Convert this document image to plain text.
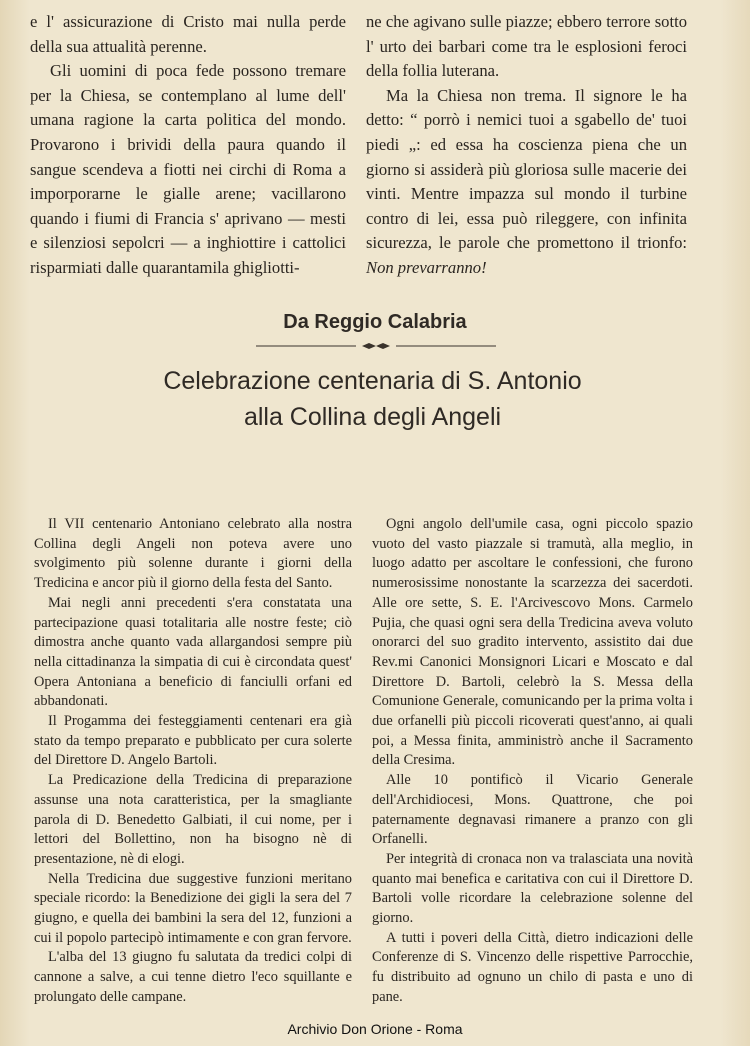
e l' assicurazione di Cristo mai nulla perde della sua attualità perenne.

Gli uomini di poca fede possono tremare per la Chiesa, se contemplano al lume dell' umana ragione la carta politica del mondo. Provarono i brividi della paura quando il sangue scendeva a fiotti nei circhi di Roma a imporporarne le gialle arene; vacillarono quando i fiumi di Francia s' aprivano — mesti e silenziosi sepolcri — a inghiottire i cattolici risparmiati dalle quarantamila ghigliotti-

ne che agivano sulle piazze; ebbero terrore sotto l' urto dei barbari come tra le esplosioni feroci della follia luterana.

Ma la Chiesa non trema. Il signore le ha detto: “ porrò i nemici tuoi a sgabello de' tuoi piedi „: ed essa ha coscienza piena che un giorno si assiderà più gloriosa sulle macerie dei vinti. Mentre impazza sul mondo il turbine contro di lei, essa può rileggere, con infinita sicurezza, le parole che promettono il trionfo: Non prevarranno!

Da Reggio Calabria
Celebrazione centenaria di S. Antonio
alla Collina degli Angeli

Il VII centenario Antoniano celebrato alla nostra Collina degli Angeli non poteva avere uno svolgimento più solenne durante i giorni della Tredicina e ancor più il giorno della festa del Santo.

Mai negli anni precedenti s'era constatata una partecipazione quasi totalitaria alle nostre feste; ciò dimostra anche quanto vada allargandosi sempre più nella cittadinanza la simpatia di cui è circondata quest' Opera Antoniana a beneficio di fanciulli orfani ed abbandonati.

Il Progamma dei festeggiamenti centenari era già stato da tempo preparato e pubblicato per cura solerte del Direttore D. Angelo Bartoli.

La Predicazione della Tredicina di preparazione assunse una nota caratteristica, per la smagliante parola di D. Benedetto Galbiati, il cui nome, per i lettori del Bollettino, non ha bisogno nè di presentazione, nè di elogi.

Nella Tredicina due suggestive funzioni meritano speciale ricordo: la Benedizione dei gigli la sera del 7 giugno, e quella dei bambini la sera del 12, funzioni a cui il popolo partecipò intimamente e con gran fervore.

L'alba del 13 giugno fu salutata da tredici colpi di cannone a salve, a cui tenne dietro l'eco squillante e prolungato delle campane.

Ogni angolo dell'umile casa, ogni piccolo spazio vuoto del vasto piazzale si tramutà, alla meglio, in luogo adatto per ascoltare le confessioni, che furono numerosissime nonostante la scarzezza dei sacerdoti. Alle ore sette, S. E. l'Arcivescovo Mons. Carmelo Pujia, che quasi ogni sera della Tredicina aveva voluto onorarci del suo gradito intervento, assistito dai due Rev.mi Canonici Monsignori Licari e Moscato e dal Direttore D. Bartoli, celebrò la S. Messa della Comunione Generale, comunicando per la prima volta i due orfanelli più piccoli ricoverati quest'anno, ai quali poi, a Messa finita, amministrò anche il Sacramento della Cresima.

Alle 10 pontificò il Vicario Generale dell'Archidiocesi, Mons. Quattrone, che poi paternamente degnavasi rimanere a pranzo con gli Orfanelli.

Per integrità di cronaca non va tralasciata una novità quanto mai benefica e caritativa con cui il Direttore D. Bartoli volle ricordare la celebrazione solenne del giorno.

A tutti i poveri della Città, dietro indicazioni delle Conferenze di S. Vincenzo delle rispettive Parrocchie, fu distribuito ad ognuno un chilo di pasta e uno di pane.

Archivio Don Orione - Roma
